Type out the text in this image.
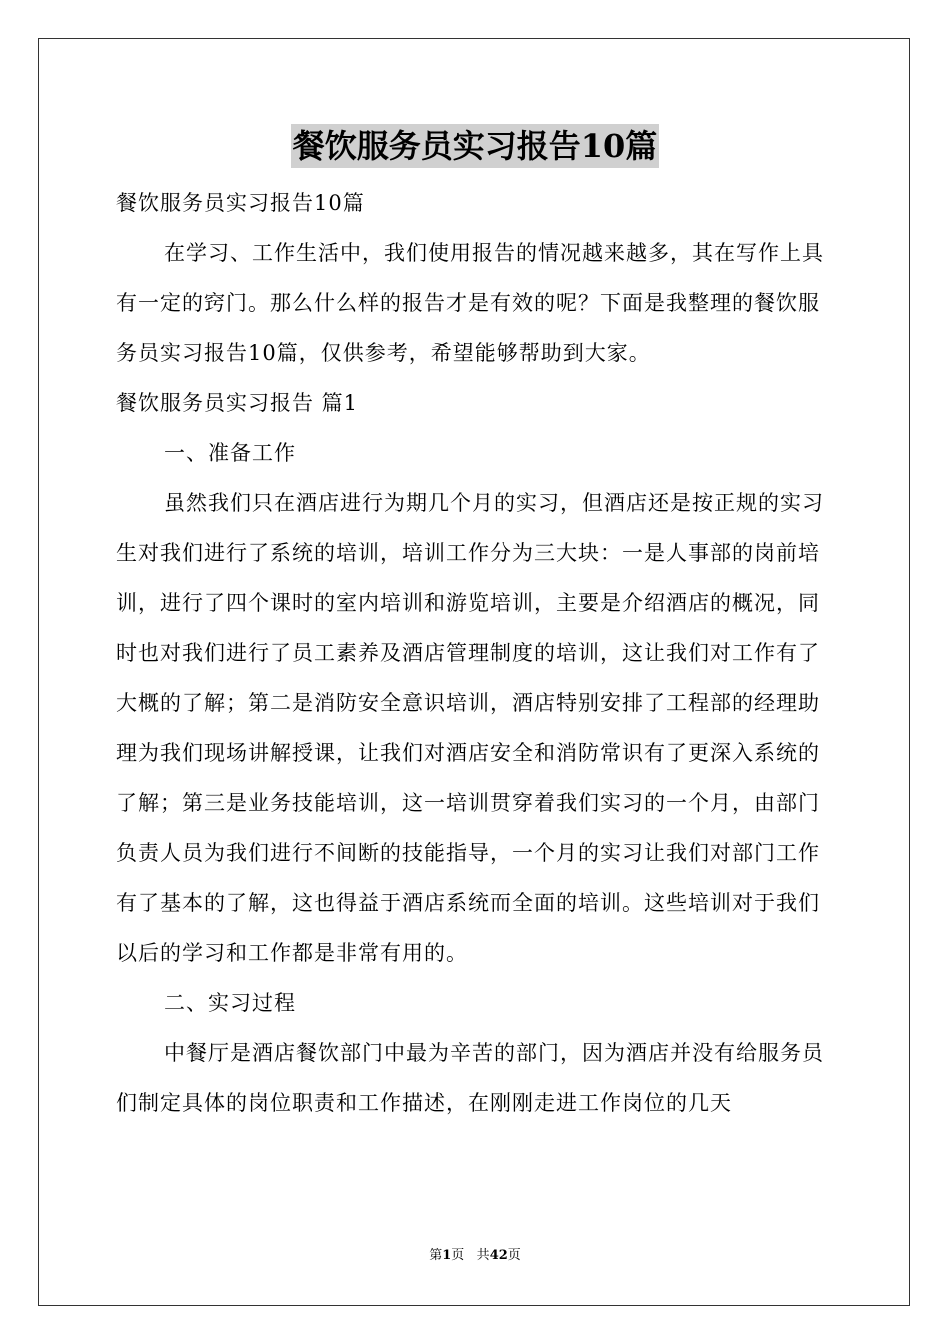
餐饮服务员实习报告10篇

餐饮服务员实习报告10篇

在学习、工作生活中，我们使用报告的情况越来越多，其在写作上具有一定的窍门。那么什么样的报告才是有效的呢？下面是我整理的餐饮服务员实习报告10篇，仅供参考，希望能够帮助到大家。

餐饮服务员实习报告 篇1

一、准备工作

虽然我们只在酒店进行为期几个月的实习，但酒店还是按正规的实习生对我们进行了系统的培训，培训工作分为三大块：一是人事部的岗前培训，进行了四个课时的室内培训和游览培训，主要是介绍酒店的概况，同时也对我们进行了员工素养及酒店管理制度的培训，这让我们对工作有了大概的了解；第二是消防安全意识培训，酒店特别安排了工程部的经理助理为我们现场讲解授课，让我们对酒店安全和消防常识有了更深入系统的了解；第三是业务技能培训，这一培训贯穿着我们实习的一个月，由部门负责人员为我们进行不间断的技能指导，一个月的实习让我们对部门工作有了基本的了解，这也得益于酒店系统而全面的培训。这些培训对于我们以后的学习和工作都是非常有用的。

二、实习过程

中餐厅是酒店餐饮部门中最为辛苦的部门，因为酒店并没有给服务员们制定具体的岗位职责和工作描述，在刚刚走进工作岗位的几天

第1页 共42页
